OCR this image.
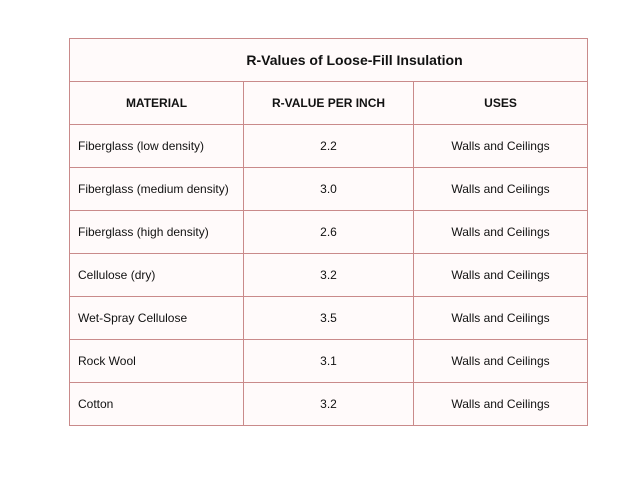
R-Values of Loose-Fill Insulation		
MATERIAL	R-VALUE PER INCH	USES
Fiberglass (low density)	2.2	Walls and Ceilings
Fiberglass (medium density)	3.0	Walls and Ceilings
Fiberglass (high density)	2.6	Walls and Ceilings
Cellulose (dry)	3.2	Walls and Ceilings
Wet-Spray Cellulose	3.5	Walls and Ceilings
Rock Wool	3.1	Walls and Ceilings
Cotton	3.2	Walls and Ceilings
